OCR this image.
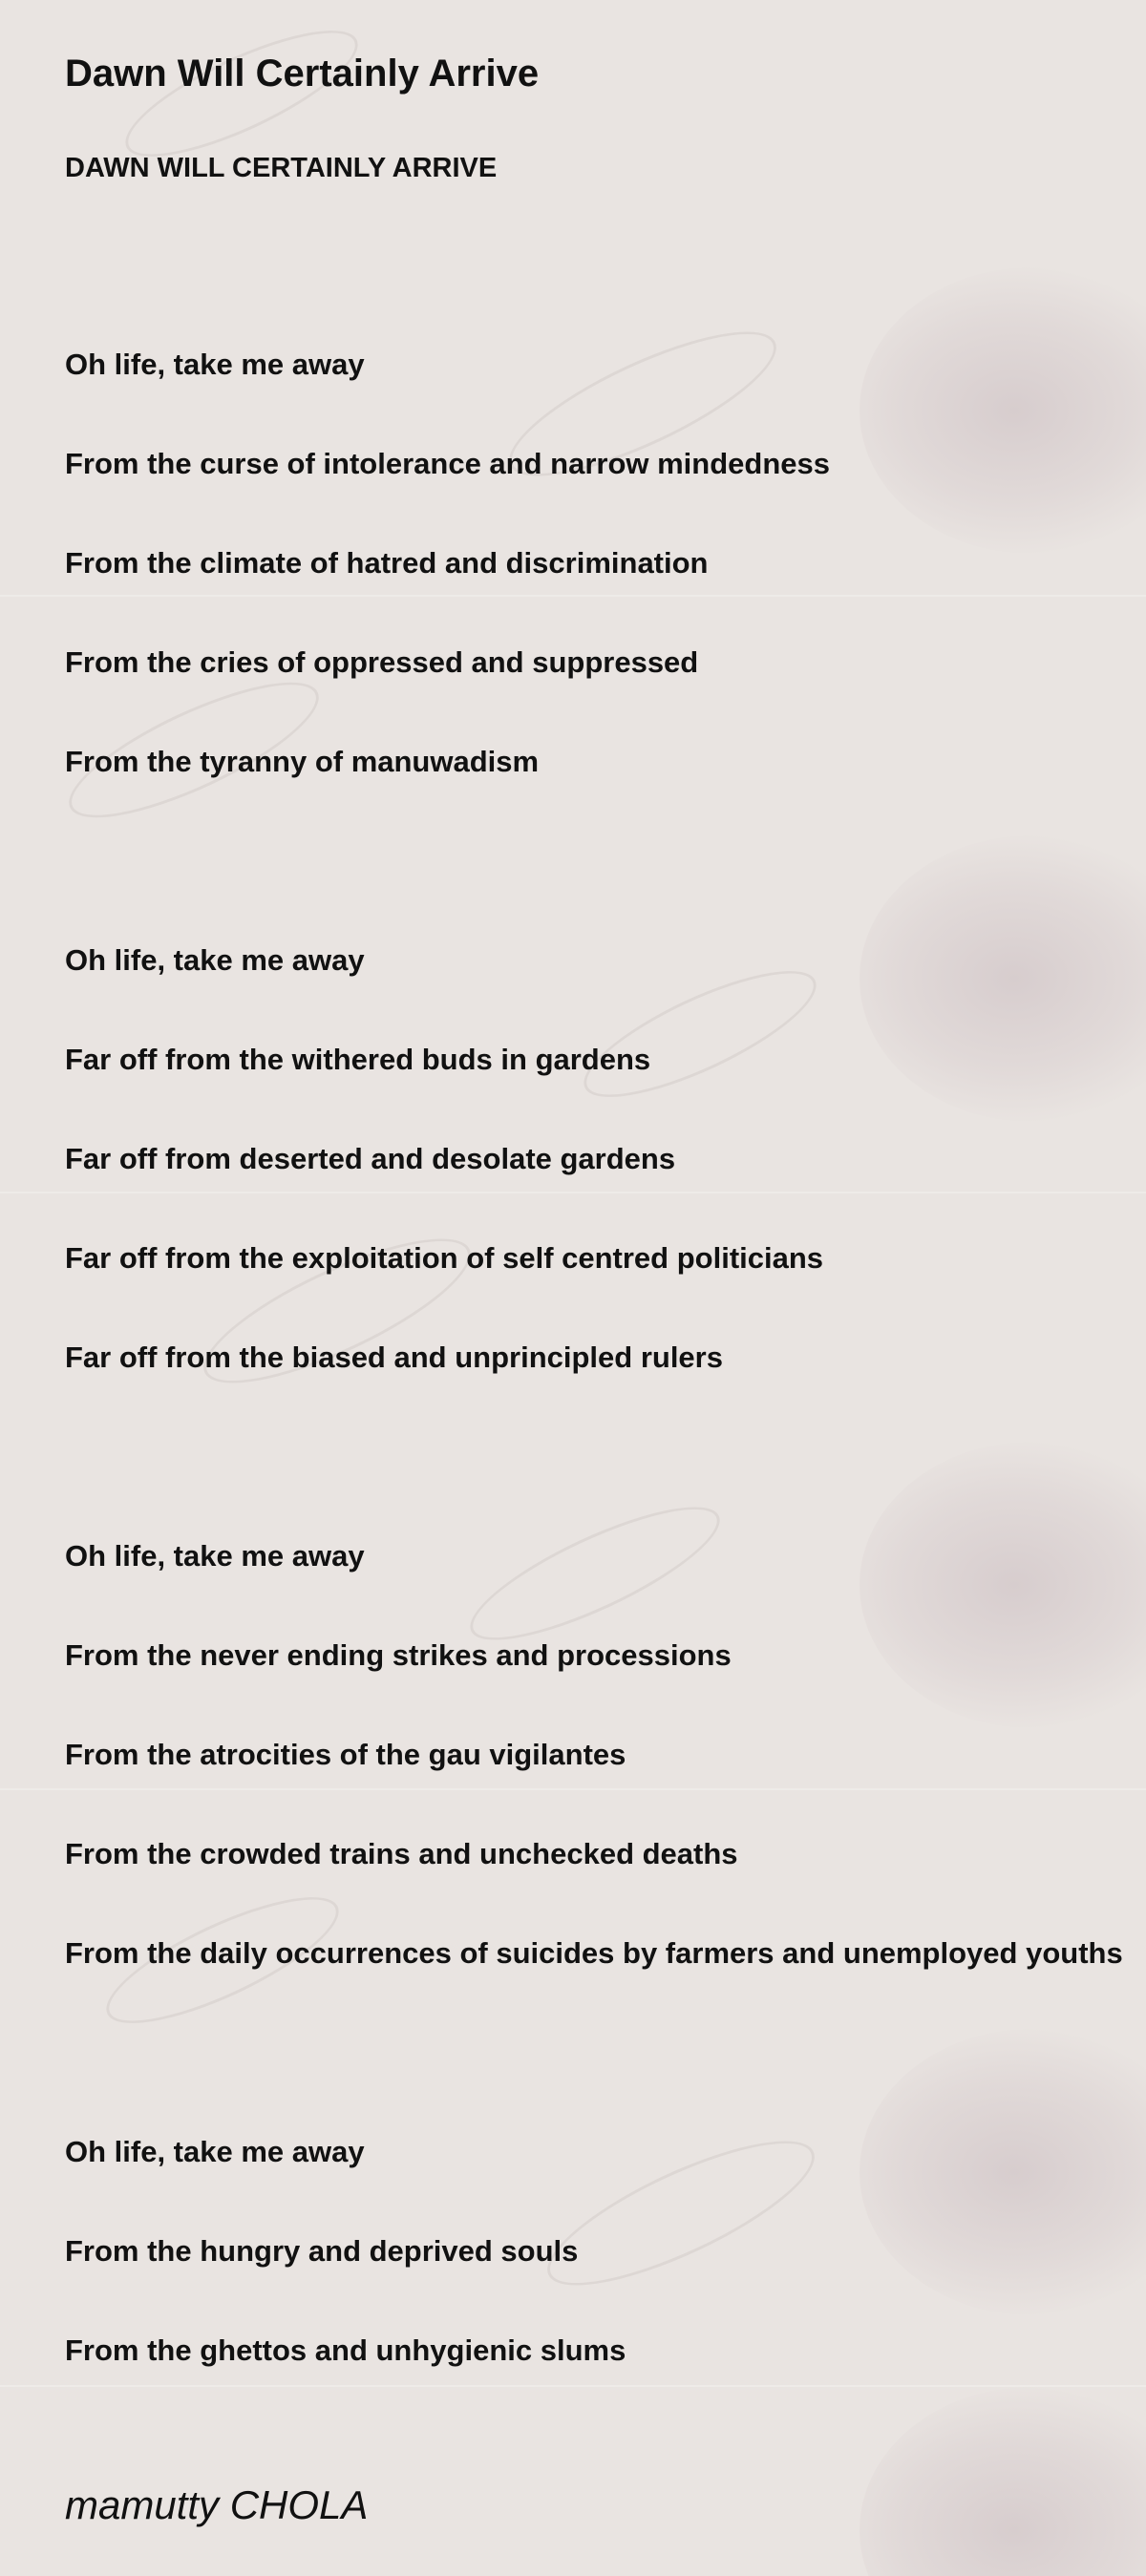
Dawn Will Certainly Arrive
DAWN WILL CERTAINLY ARRIVE

Oh life, take me away

From the curse of intolerance and narrow mindedness

From the climate of hatred and discrimination

From the cries of oppressed and suppressed

From the tyranny of manuwadism

Oh life, take me away

Far off from the withered buds in gardens

Far off from deserted and desolate gardens

Far off from the exploitation of self centred politicians

Far off from the biased and unprincipled rulers

Oh life, take me away

From the never ending strikes and processions

From the atrocities of the gau vigilantes

From the crowded trains and unchecked deaths

From the daily occurrences of suicides by farmers and unemployed youths

Oh life, take me away

From the hungry and deprived souls

From the ghettos and unhygienic slums

mamutty CHOLA
